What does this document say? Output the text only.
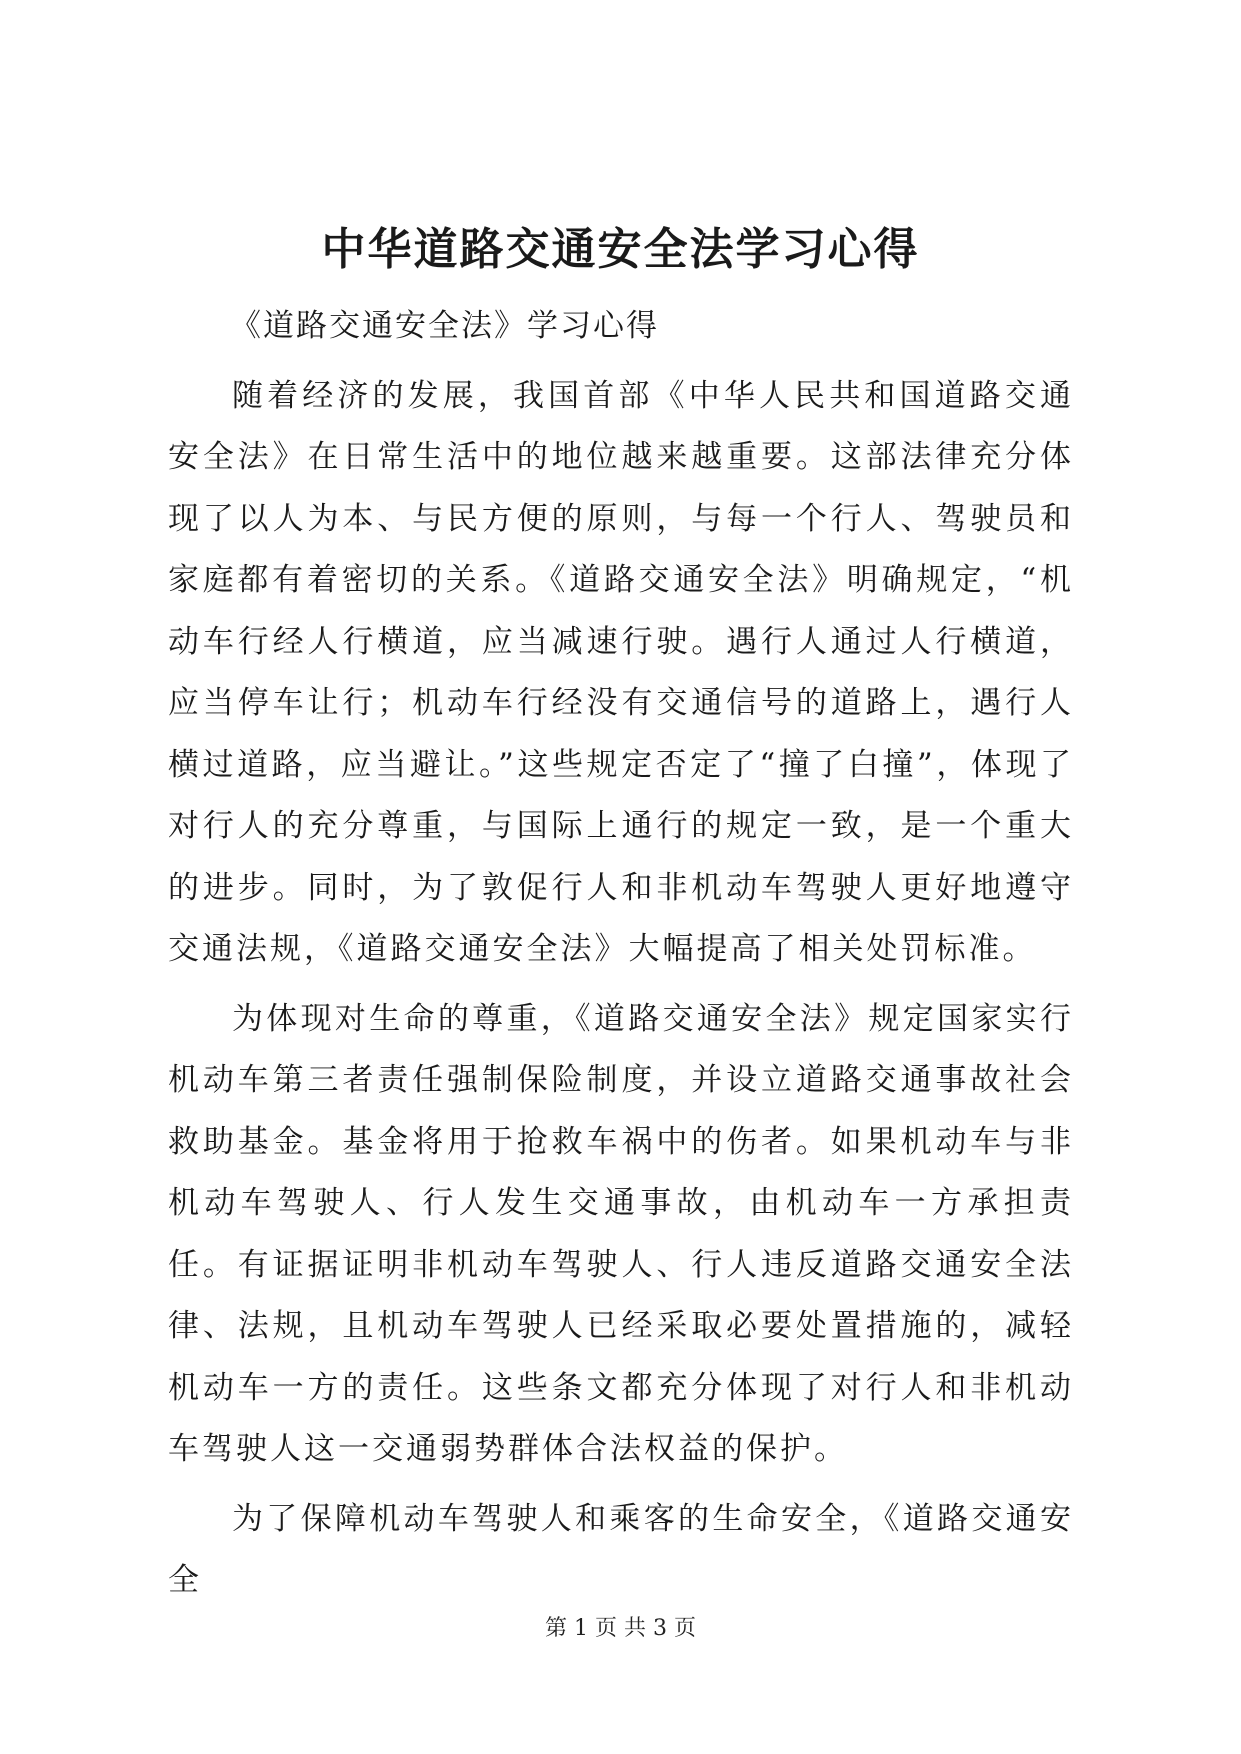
中华道路交通安全法学习心得

《道路交通安全法》学习心得

随着经济的发展，我国首部《中华人民共和国道路交通安全法》在日常生活中的地位越来越重要。这部法律充分体现了以人为本、与民方便的原则，与每一个行人、驾驶员和家庭都有着密切的关系。《道路交通安全法》明确规定，“机动车行经人行横道，应当减速行驶。遇行人通过人行横道，应当停车让行；机动车行经没有交通信号的道路上，遇行人横过道路，应当避让。”这些规定否定了“撞了白撞”，体现了对行人的充分尊重，与国际上通行的规定一致，是一个重大的进步。同时，为了敦促行人和非机动车驾驶人更好地遵守交通法规，《道路交通安全法》大幅提高了相关处罚标准。

为体现对生命的尊重，《道路交通安全法》规定国家实行机动车第三者责任强制保险制度，并设立道路交通事故社会救助基金。基金将用于抢救车祸中的伤者。如果机动车与非机动车驾驶人、行人发生交通事故，由机动车一方承担责任。有证据证明非机动车驾驶人、行人违反道路交通安全法律、法规，且机动车驾驶人已经采取必要处置措施的，减轻机动车一方的责任。这些条文都充分体现了对行人和非机动车驾驶人这一交通弱势群体合法权益的保护。

为了保障机动车驾驶人和乘客的生命安全，《道路交通安全

第 1 页 共 3 页
